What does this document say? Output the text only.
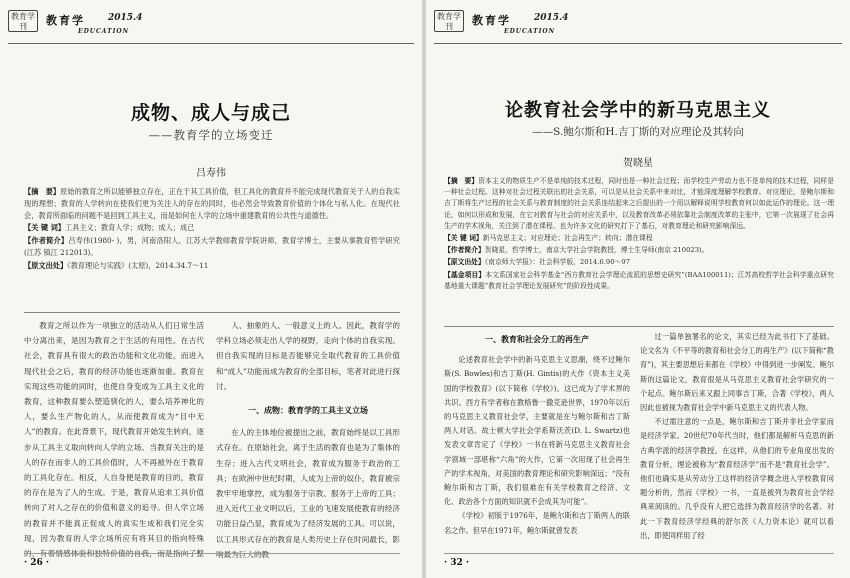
教育学刊	教育学	2015.4
EDUCATION
成物、成人与成己
——教育学的立场变迁
吕寿伟
【摘　要】原始的教育之所以能够独立存在，正在于其工具价值，但工具化的教育并不能完成现代教育关于人的自我实现的理想；教育的人学转向在使我们更为关注人的存在的同时，也必然会导致教育价值的个体化与私人化。在现代社会，教育所面临的问题不是回到工具主义，而是如何在人学的立场中重建教育的公共性与道德性。
【关 键 词】工具主义；教育人学；成物；成人；成己
【作者简介】吕寿伟(1980- )，男，河南洛阳人，江苏大学教师教育学院讲师，教育学博士，主要从事教育哲学研究(江苏 镇江 212013)。
【原文出处】《教育理论与实践》(太原)，2014.34.7～11

教育之所以作为一项独立的活动从人们日常生活中分离出来，是因为教育之于生活的有用性。在古代社会，教育具有很大的政治功能和文化功能，而进入现代社会之后，教育的经济功能也逐渐加重。教育在实现这些功能的同时，也使自身变成为工具主义化的教育，这种教育要么塑造驯化的人，要么培养神化的人，要么生产物化的人，从而使教育成为“目中无人”的教育。在此背景下，现代教育开始发生转向，逐步从工具主义取向转向人学的立场。当教育关注的是人的存在而非人的工具价值时，人不再被外在于教育的工具化存在。相反，人自身便是教育的目的，教育的存在是为了人的生成。于是，教育从追求工具价值转向了对人之存在的价值和意义的追寻。但人学立场的教育并不能真正促成人的真实生成和我们完全实现，因为教育的人学立场所应有将其目的指向特殊

人、抽象的人、一般意义上的人。因此，教育学的学科立场必须走出人学的视野，走向个体的自我实现。但自我实现的目标是否能够完全取代教育的工具价值和“成人”功能而成为教育的全部目标，笔者对此进行探讨。

一、成物：教育学的工具主义立场

在人的主体地位被提出之前，教育始终是以工具形式存在。在原始社会，离于生活的教育也是为了集体的生存；进入古代文明社会，教育成为服务于政治的工具；在欧洲中世纪时期，人成为上帝的奴仆，教育被宗教牢牢地掌控，成为服务于宗教、服务于上帝的工具；进入近代工业文明以后，工业的飞速发展使教育的经济功能日益凸显，教育成为了经济发展的工具。可以说，以工具形式存在的教育是人类历史上存在时间最长，影

· 26 ·
教育学刊	教育学	2015.4
EDUCATION
论教育社会学中的新马克思主义
——S.鲍尔斯和H.吉丁斯的对应理论及其转向
贺晓星
【摘　要】资本主义的物质生产不是单纯的技术过程，同时也是一种社会过程；而学校生产劳动力也不是单纯的技术过程，同样是一种社会过程。这种对社会过程关联出的社会关系，可以是从社会关系中来对比，才能深度理解学校教育。对应理论，是鲍尔斯和吉丁斯将生产过程的社会关系与教育制度的社会关系连结起来之后提出的一个用以解释说明学校教育何以如此运作的理论。这一理论，如何以形成和发展，在它对教育与社会的对应关系中，以及教育改革必须依靠社会制度改革的主张中，它第一次展现了社会再生产的学术视角，关注到了潜在课程、也为许多文化的研究打下了基石，对教育理论和研究影响深远。
【关 键 词】新马克思主义；对应理论；社会再生产；转向；潜在课程
【作者简介】贺晓星，哲学博士，南京大学社会学院教授，博士生导师(南京 210023)。
【原文出处】《南京师大学报》：社会科学版，2014.6.90～97
【基金项目】本文系国家社会科学基金“西方教育社会学理论流派的思想史研究”(BAA100011)；江苏高校哲学社会科学重点研究基地重大课题“教育社会学理论发展研究”的阶段性成果。
一、教育和社会分工的再生产

论述教育社会学中的新马克思主义思潮，绕不过鲍尔斯(S. Bowles)和吉丁斯(H. Gintis)的大作《资本主义美国的学校教育》(以下简称《学校》)。这已成为了学术界的共识。西方有学者称在教格鲁一撒克逊世界，1970年以后的马克思主义教育社会学，主要就是在与鲍尔斯和吉丁斯两人对话。故士顿大学社会学系斯沃茨(D. L. Swartz)也发表文章肯定了《学校》一书在将新马克思主义教育社会学领域一部堪称“六角”的大作，它第一次用现了社会再生产的学术视角，对美国的教育理论和研究影响深远；“没有鲍尔斯和吉丁斯，我们很难在有关学校教育之经济、文化、政治各个方面的知识就不会成其为可能”。

《学校》初版于1976年，是鲍尔斯和吉丁斯两人的联名之作。但早在1971年，鲍尔斯就曾发表

过一篇单独署名的论文，其实已经为此书打下了基础。论文名为《不平等的教育和社会分工的再生产》(以下简称“教育”)，其主要思想后来都在《学校》中得到进一步阐发。鲍尔斯的这篇论文，教育很是从马克思主义教育社会学研究的一个起点。鲍尔斯后来又跟上同事吉丁斯，合著《学校》，两人因此也被视为教育社会学中新马克思主义的代表人物。

不过需注意的一点是，鲍尔斯和吉丁斯并非社会学家而是经济学家。20世纪70年代当时，他们都是解析马克思的新古典学派的经济学教授。在这样，从他们的专业角度出发的教育分析，理论被称为“教育经济学”而不是“教育社会学”。他们也确实是从劳动分工这样的经济学概念进入学校教育问题分析的，然而《学校》一书，一直是被列为教育社会学经典来阅读的。几乎没有人把它选择为教育经济学的名著。对此一下教育经济学经典的舒尔茨《人力资本论》就可以看出，即使同样用了经

· 32 ·
